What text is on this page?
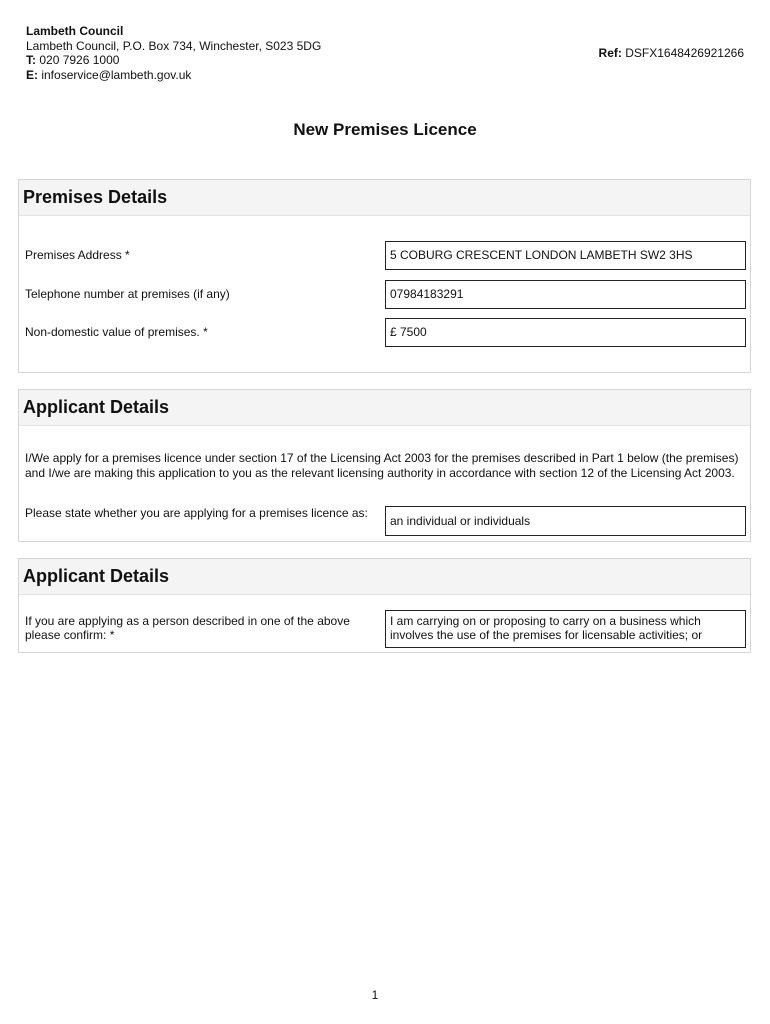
Lambeth Council
Lambeth Council, P.O. Box 734, Winchester, S023 5DG
T: 020 7926 1000
E: infoservice@lambeth.gov.uk
Ref: DSFX1648426921266
New Premises Licence
Premises Details
Premises Address *	5 COBURG CRESCENT LONDON LAMBETH SW2 3HS
Telephone number at premises (if any)	07984183291
Non-domestic value of premises. *	£ 7500
Applicant Details
I/We apply for a premises licence under section 17 of the Licensing Act 2003 for the premises described in Part 1 below (the premises) and I/we are making this application to you as the relevant licensing authority in accordance with section 12 of the Licensing Act 2003.
Please state whether you are applying for a premises licence as:
an individual or individuals
Applicant Details
If you are applying as a person described in one of the above please confirm: *
I am carrying on or proposing to carry on a business which involves the use of the premises for licensable activities; or
1
